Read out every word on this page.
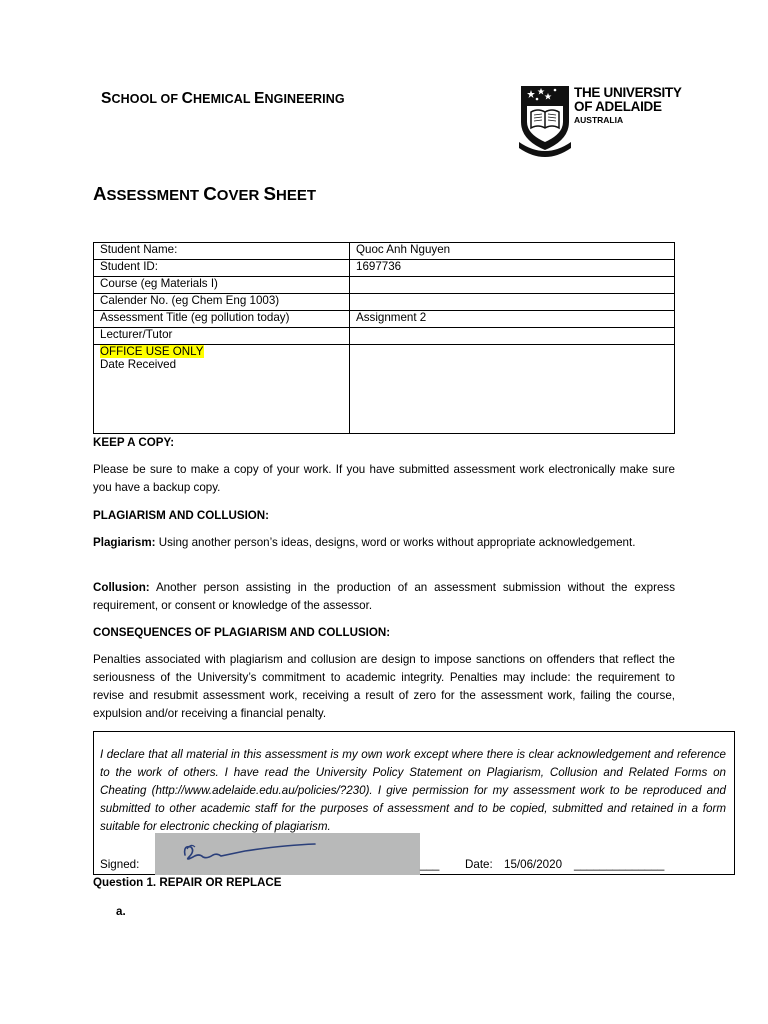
SCHOOL OF CHEMICAL ENGINEERING	THE UNIVERSITY
OF ADELAIDE
AUSTRALIA
ASSESSMENT COVER SHEET
Student Name:	Quoc Anh Nguyen
Student ID:	1697736
Course (eg Materials I)	
Calender No. (eg Chem Eng 1003)	
Assessment Title (eg pollution today)	Assignment 2
Lecturer/Tutor	
OFFICE USE ONLY
Date Received	
KEEP A COPY:
Please be sure to make a copy of your work. If you have submitted assessment work electronically make sure you have a backup copy.
PLAGIARISM AND COLLUSION:
Plagiarism: Using another person’s ideas, designs, word or works without appropriate acknowledgement.
Collusion: Another person assisting in the production of an assessment submission without the express requirement, or consent or knowledge of the assessor.
CONSEQUENCES OF PLAGIARISM AND COLLUSION:
Penalties associated with plagiarism and collusion are design to impose sanctions on offenders that reflect the seriousness of the University’s commitment to academic integrity. Penalties may include: the requirement to revise and resubmit assessment work, receiving a result of zero for the assessment work, failing the course, expulsion and/or receiving a financial penalty.
I declare that all material in this assessment is my own work except where there is clear acknowledgement and reference to the work of others. I have read the University Policy Statement on Plagiarism, Collusion and Related Forms on Cheating (http://www.adelaide.edu.au/policies/?230). I give permission for my assessment work to be reproduced and submitted to other academic staff for the purposes of assessment and to be copied, submitted and retained in a form suitable for electronic checking of plagiarism.
Signed:	___ Date: 15/06/2020 ______________
Question 1. REPAIR OR REPLACE
a.
